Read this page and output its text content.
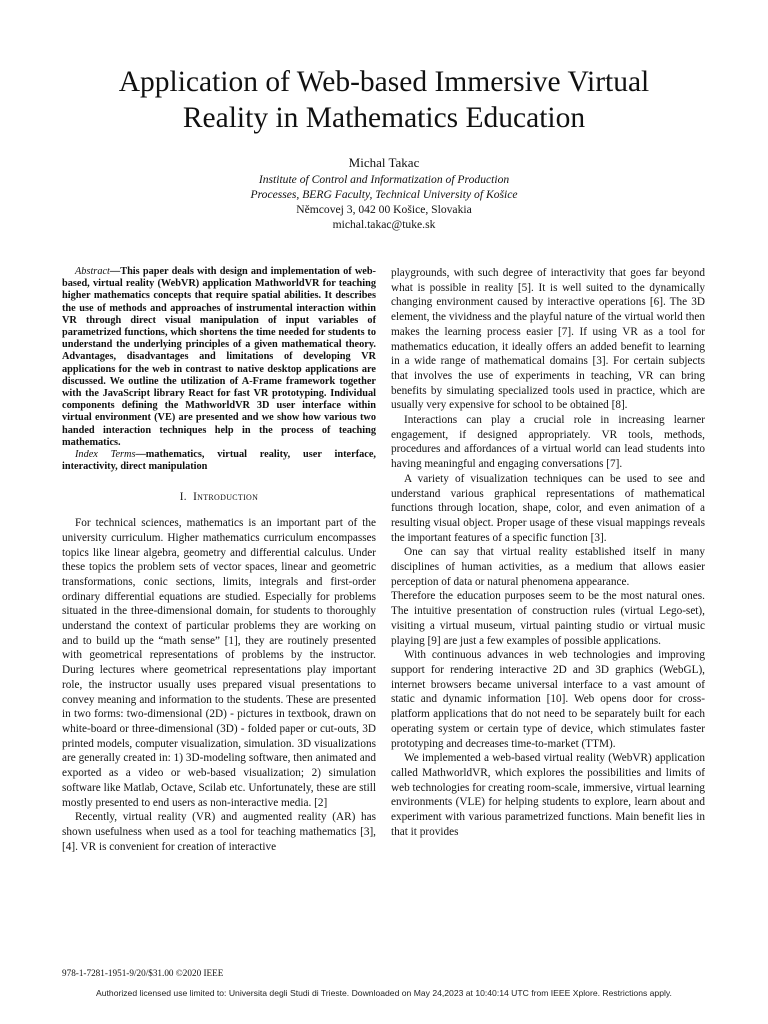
Application of Web-based Immersive Virtual
Reality in Mathematics Education
Michal Takac
Institute of Control and Informatization of Production
Processes, BERG Faculty, Technical University of Košice
Němcovej 3, 042 00 Košice, Slovakia
michal.takac@tuke.sk

Abstract—This paper deals with design and implementation of web-based, virtual reality (WebVR) application MathworldVR for teaching higher mathematics concepts that require spatial abilities. It describes the use of methods and approaches of instrumental interaction within VR through direct visual manipulation of input variables of parametrized functions, which shortens the time needed for students to understand the underlying principles of a given mathematical theory. Advantages, disadvantages and limitations of developing VR applications for the web in contrast to native desktop applications are discussed. We outline the utilization of A-Frame framework together with the JavaScript library React for fast VR prototyping. Individual components defining the MathworldVR 3D user interface within virtual environment (VE) are presented and we show how various two handed interaction techniques help in the process of teaching mathematics.

Index Terms—mathematics, virtual reality, user interface, interactivity, direct manipulation

I. Introduction

For technical sciences, mathematics is an important part of the university curriculum. Higher mathematics curriculum encompasses topics like linear algebra, geometry and differential calculus. Under these topics the problem sets of vector spaces, linear and geometric transformations, conic sections, limits, integrals and first-order ordinary differential equations are studied. Especially for problems situated in the three-dimensional domain, for students to thoroughly understand the context of particular problems they are working on and to build up the “math sense” [1], they are routinely presented with geometrical representations of problems by the instructor. During lectures where geometrical representations play important role, the instructor usually uses prepared visual presentations to convey meaning and information to the students. These are presented in two forms: two-dimensional (2D) - pictures in textbook, drawn on white-board or three-dimensional (3D) - folded paper or cut-outs, 3D printed models, computer visualization, simulation. 3D visualizations are generally created in: 1) 3D-modeling software, then animated and exported as a video or web-based visualization; 2) simulation software like Matlab, Octave, Scilab etc. Unfortunately, these are still mostly presented to end users as non-interactive media. [2]

Recently, virtual reality (VR) and augmented reality (AR) has shown usefulness when used as a tool for teaching mathematics [3], [4]. VR is convenient for creation of interactive

playgrounds, with such degree of interactivity that goes far beyond what is possible in reality [5]. It is well suited to the dynamically changing environment caused by interactive operations [6]. The 3D element, the vividness and the playful nature of the virtual world then makes the learning process easier [7]. If using VR as a tool for mathematics education, it ideally offers an added benefit to learning in a wide range of mathematical domains [3]. For certain subjects that involves the use of experiments in teaching, VR can bring benefits by simulating specialized tools used in practice, which are usually very expensive for school to be obtained [8].

Interactions can play a crucial role in increasing learner engagement, if designed appropriately. VR tools, methods, procedures and affordances of a virtual world can lead students into having meaningful and engaging conversations [7].

A variety of visualization techniques can be used to see and understand various graphical representations of mathematical functions through location, shape, color, and even animation of a resulting visual object. Proper usage of these visual mappings reveals the important features of a specific function [3].

One can say that virtual reality established itself in many disciplines of human activities, as a medium that allows easier perception of data or natural phenomena appearance.

Therefore the education purposes seem to be the most natural ones. The intuitive presentation of construction rules (virtual Lego-set), visiting a virtual museum, virtual painting studio or virtual music playing [9] are just a few examples of possible applications.

With continuous advances in web technologies and improving support for rendering interactive 2D and 3D graphics (WebGL), internet browsers became universal interface to a vast amount of static and dynamic information [10]. Web opens door for cross-platform applications that do not need to be separately built for each operating system or certain type of device, which stimulates faster prototyping and decreases time-to-market (TTM).

We implemented a web-based virtual reality (WebVR) application called MathworldVR, which explores the possibilities and limits of web technologies for creating room-scale, immersive, virtual learning environments (VLE) for helping students to explore, learn about and experiment with various parametrized functions. Main benefit lies in that it provides

978-1-7281-1951-9/20/$31.00 ©2020 IEEE
Authorized licensed use limited to: Universita degli Studi di Trieste. Downloaded on May 24,2023 at 10:40:14 UTC from IEEE Xplore. Restrictions apply.
